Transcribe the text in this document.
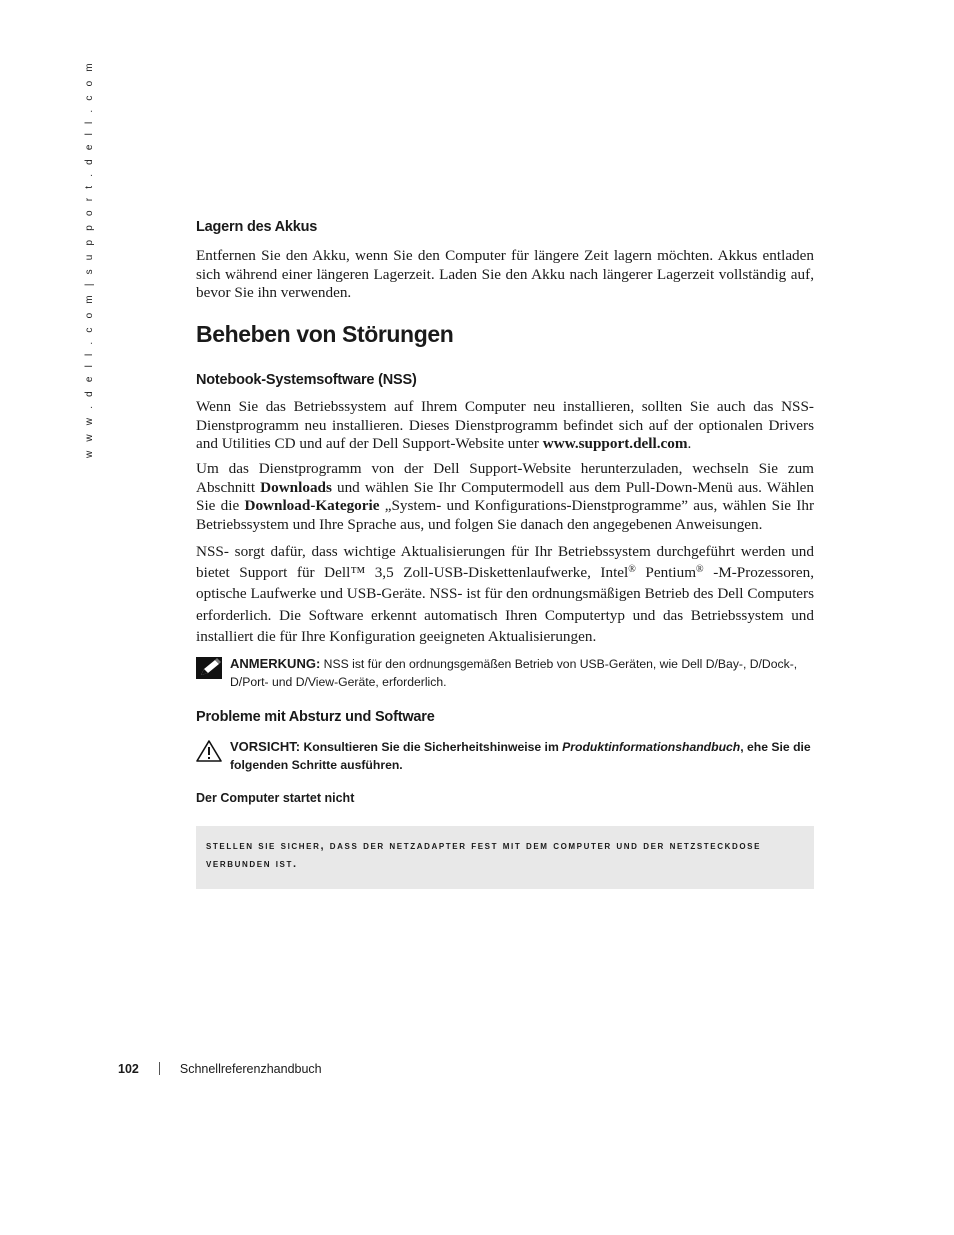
w w w . d e l l . c o m | s u p p o r t . d e l l . c o m	Lagern des Akkus

Entfernen Sie den Akku, wenn Sie den Computer für längere Zeit lagern möchten. Akkus entladen sich während einer längeren Lagerzeit. Laden Sie den Akku nach längerer Lagerzeit vollständig auf, bevor Sie ihn verwenden.

Beheben von Störungen
Notebook-Systemsoftware (NSS)

Wenn Sie das Betriebssystem auf Ihrem Computer neu installieren, sollten Sie auch das NSS-Dienstprogramm neu installieren. Dieses Dienstprogramm befindet sich auf der optionalen Drivers and Utilities CD und auf der Dell Support-Website unter www.support.dell.com.

Um das Dienstprogramm von der Dell Support-Website herunterzuladen, wechseln Sie zum Abschnitt Downloads und wählen Sie Ihr Computermodell aus dem Pull-Down-Menü aus. Wählen Sie die Download-Kategorie „System- und Konfigurations-Dienstprogramme” aus, wählen Sie Ihr Betriebssystem und Ihre Sprache aus, und folgen Sie danach den angegebenen Anweisungen.

NSS- sorgt dafür, dass wichtige Aktualisierungen für Ihr Betriebssystem durchgeführt werden und bietet Support für Dell™ 3,5 Zoll-USB-Diskettenlaufwerke, Intel® Pentium® -M-Prozessoren, optische Laufwerke und USB-Geräte. NSS- ist für den ordnungsmäßigen Betrieb des Dell Computers erforderlich. Die Software erkennt automatisch Ihren Computertyp und das Betriebssystem und installiert die für Ihre Konfiguration geeigneten Aktualisierungen.

ANMERKUNG: NSS ist für den ordnungsgemäßen Betrieb von USB-Geräten, wie Dell D/Bay-, D/Dock-, D/Port- und D/View-Geräte, erforderlich.
Probleme mit Absturz und Software
VORSICHT: Konsultieren Sie die Sicherheitshinweise im Produktinformationshandbuch, ehe Sie die folgenden Schritte ausführen.
Der Computer startet nicht
stellen sie sicher, dass der netzadapter fest mit dem computer und der netzsteckdose verbunden ist.
102	Schnellreferenzhandbuch
